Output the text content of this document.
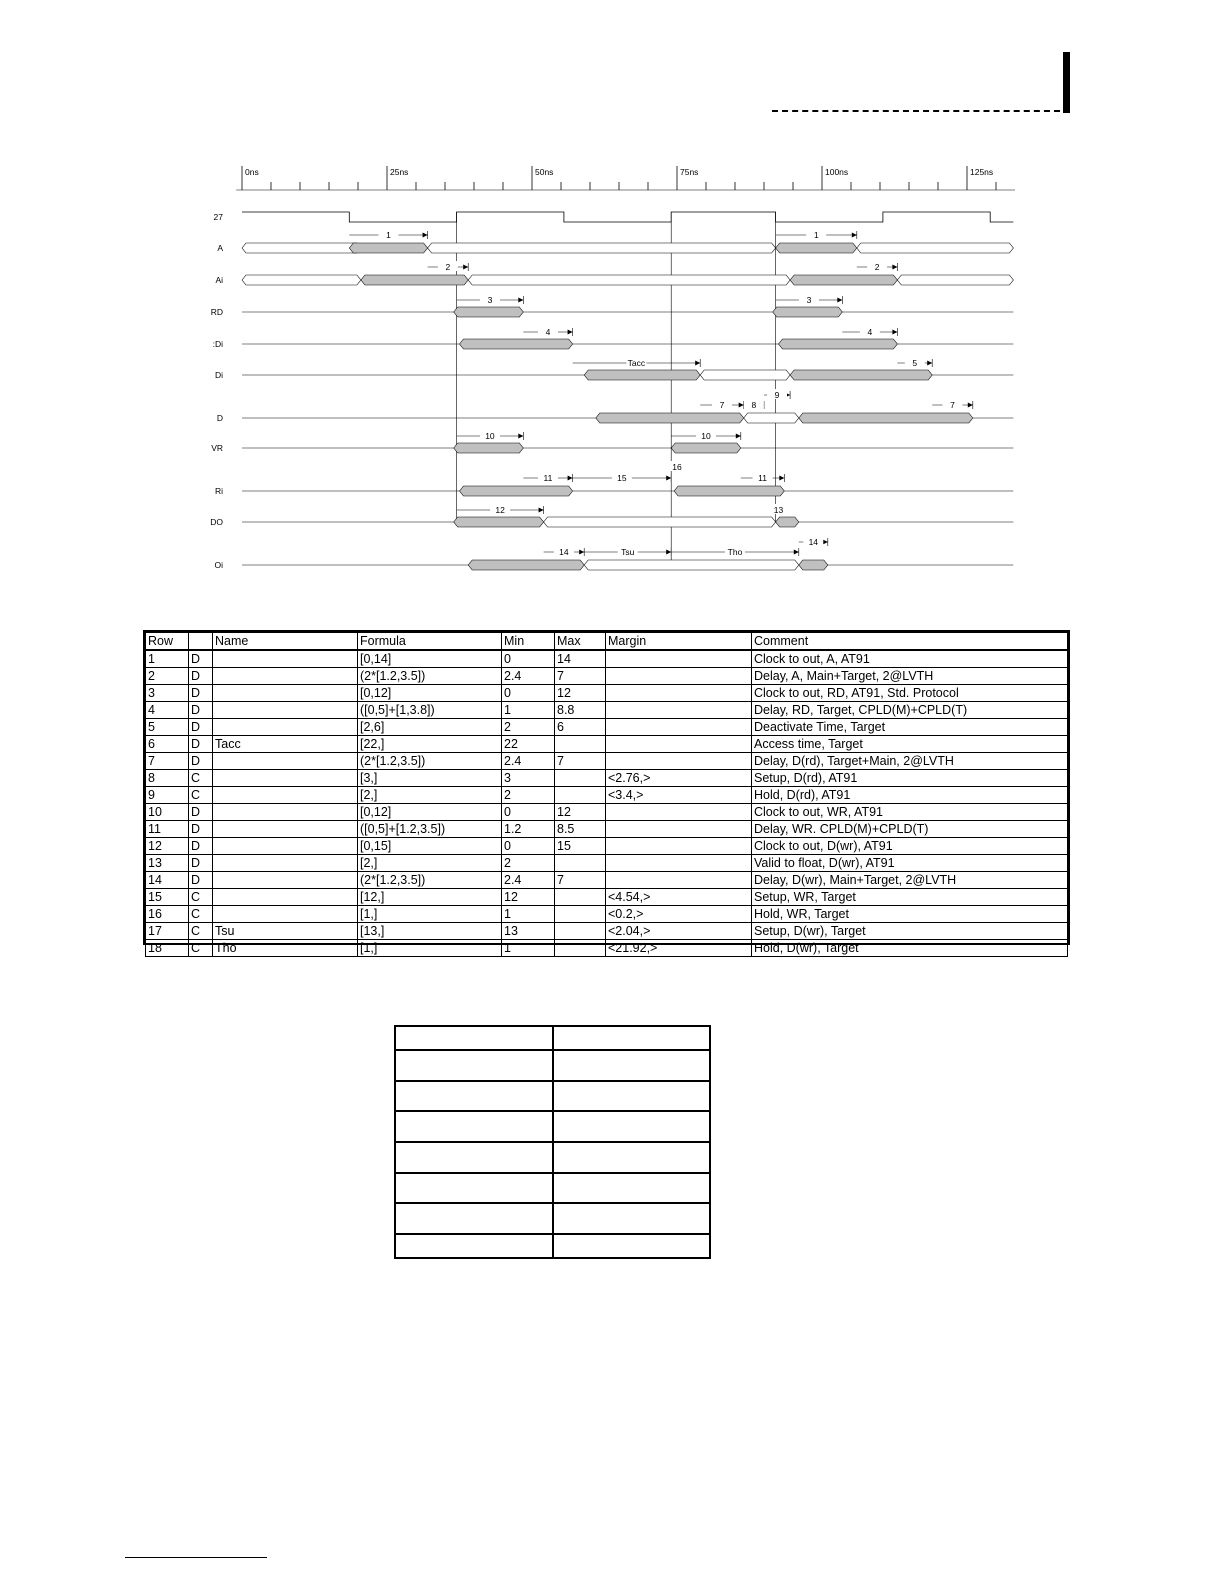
0ns	25ns	50ns	75ns	100ns	125ns
27
A
Ai
RD
:Di
Di
D
VR
Ri
DO
Oi
1	1
2	2
3	3
4	4
Tacc	5
7	8
9
7
10	10
11	15
16
11
12	13
14	Tsu	Tho
14
Row		Name	Formula	Min	Max	Margin	Comment
1	D		[0,14]	0	14		Clock to out, A, AT91
2	D		(2*[1.2,3.5])	2.4	7		Delay, A, Main+Target, 2@LVTH
3	D		[0,12]	0	12		Clock to out, RD, AT91, Std. Protocol
4	D		([0,5]+[1,3.8])	1	8.8		Delay, RD, Target, CPLD(M)+CPLD(T)
5	D		[2,6]	2	6		Deactivate Time, Target
6	D	Tacc	[22,]	22			Access time, Target
7	D		(2*[1.2,3.5])	2.4	7		Delay, D(rd), Target+Main, 2@LVTH
8	C		[3,]	3		<2.76,>	Setup, D(rd), AT91
9	C		[2,]	2		<3.4,>	Hold, D(rd), AT91
10	D		[0,12]	0	12		Clock to out, WR, AT91
11	D		([0,5]+[1.2,3.5])	1.2	8.5		Delay, WR. CPLD(M)+CPLD(T)
12	D		[0,15]	0	15		Clock to out, D(wr), AT91
13	D		[2,]	2			Valid to float, D(wr), AT91
14	D		(2*[1.2,3.5])	2.4	7		Delay, D(wr), Main+Target, 2@LVTH
15	C		[12,]	12		<4.54,>	Setup, WR, Target
16	C		[1,]	1		<0.2,>	Hold, WR, Target
17	C	Tsu	[13,]	13		<2.04,>	Setup, D(wr), Target
18	C	Tho	[1,]	1		<21.92,>	Hold, D(wr), Target
